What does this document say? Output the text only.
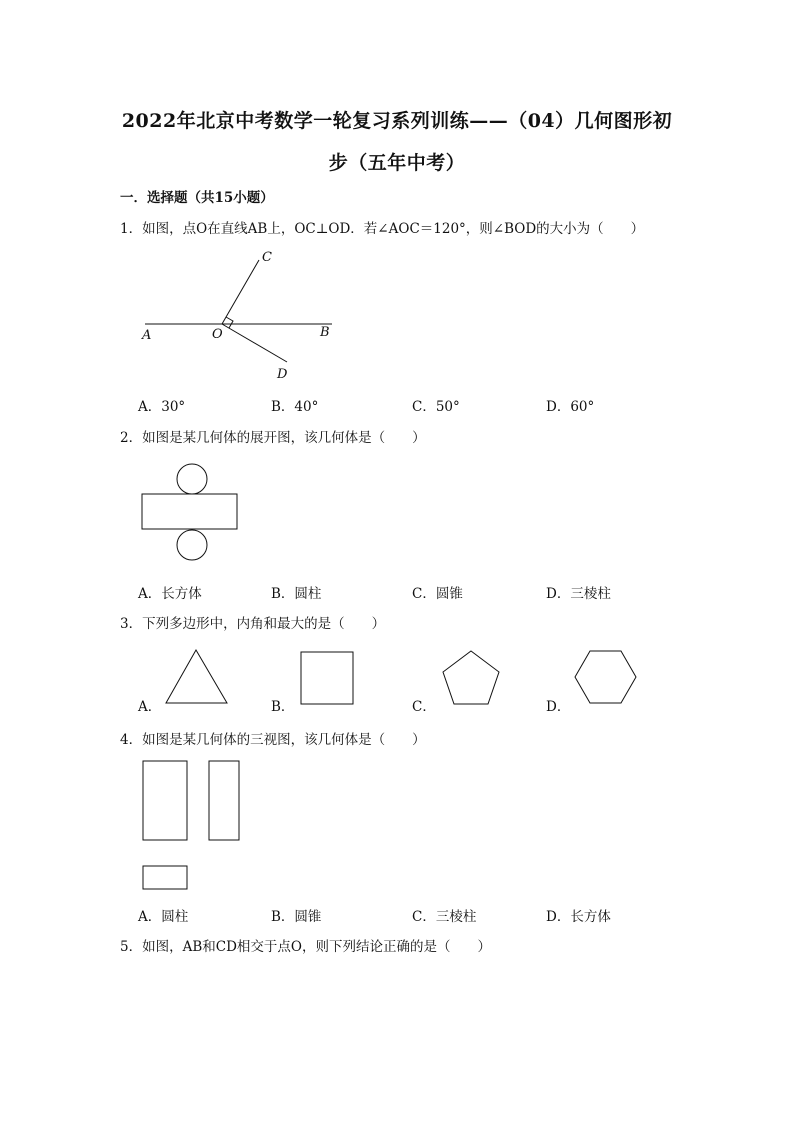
2022年北京中考数学一轮复习系列训练——（04）几何图形初
步（五年中考）
一．选择题（共15小题）
1．如图，点O在直线AB上，OC⊥OD．若∠AOC＝120°，则∠BOD的大小为（　　）
A	O	B
C
D
A．30°	B．40°	C．50°	D．60°
2．如图是某几何体的展开图，该几何体是（　　）
A．长方体	B．圆柱	C．圆锥	D．三棱柱
3．下列多边形中，内角和最大的是（　　）
A．	B．	C．	D．
4．如图是某几何体的三视图，该几何体是（　　）
A．圆柱	B．圆锥	C．三棱柱	D．长方体
5．如图，AB和CD相交于点O，则下列结论正确的是（　　）
